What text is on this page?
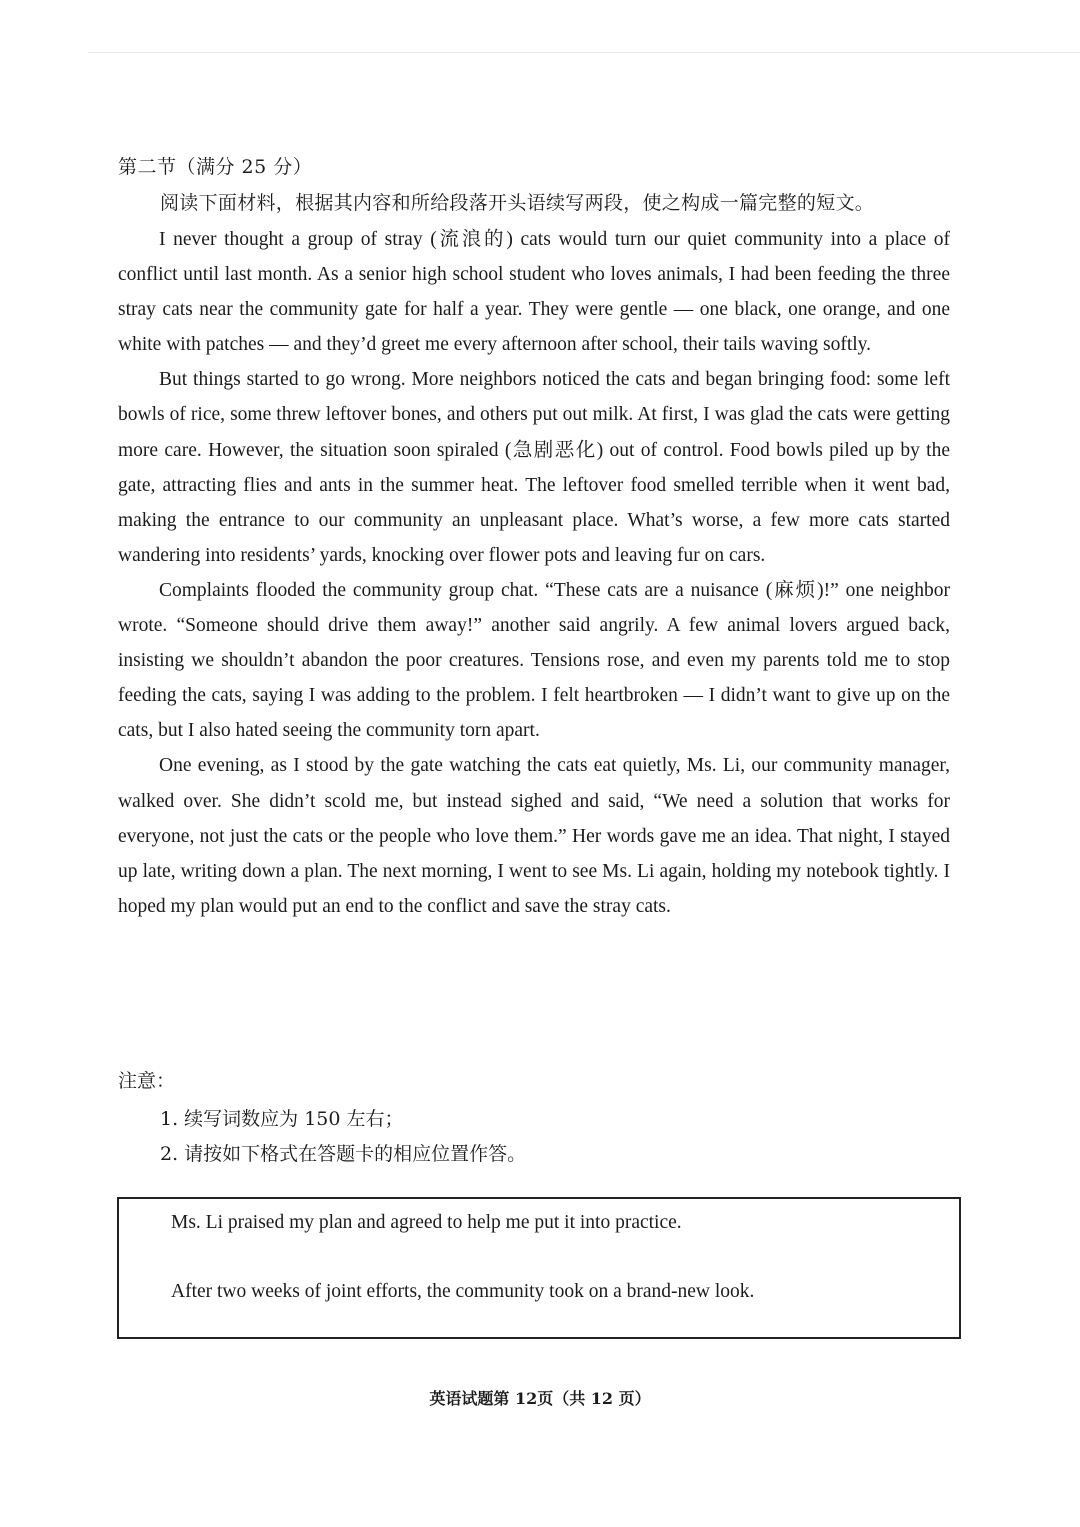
第二节（满分 25 分）
阅读下面材料，根据其内容和所给段落开头语续写两段，使之构成一篇完整的短文。

I never thought a group of stray (流浪的) cats would turn our quiet community into a place of conflict until last month. As a senior high school student who loves animals, I had been feeding the three stray cats near the community gate for half a year. They were gentle — one black, one orange, and one white with patches — and they’d greet me every afternoon after school, their tails waving softly.

But things started to go wrong. More neighbors noticed the cats and began bringing food: some left bowls of rice, some threw leftover bones, and others put out milk. At first, I was glad the cats were getting more care. However, the situation soon spiraled (急剧恶化) out of control. Food bowls piled up by the gate, attracting flies and ants in the summer heat. The leftover food smelled terrible when it went bad, making the entrance to our community an unpleasant place. What’s worse, a few more cats started wandering into residents’ yards, knocking over flower pots and leaving fur on cars.

Complaints flooded the community group chat. “These cats are a nuisance (麻烦)!” one neighbor wrote. “Someone should drive them away!” another said angrily. A few animal lovers argued back, insisting we shouldn’t abandon the poor creatures. Tensions rose, and even my parents told me to stop feeding the cats, saying I was adding to the problem. I felt heartbroken — I didn’t want to give up on the cats, but I also hated seeing the community torn apart.

One evening, as I stood by the gate watching the cats eat quietly, Ms. Li, our community manager, walked over. She didn’t scold me, but instead sighed and said, “We need a solution that works for everyone, not just the cats or the people who love them.” Her words gave me an idea. That night, I stayed up late, writing down a plan. The next morning, I went to see Ms. Li again, holding my notebook tightly. I hoped my plan would put an end to the conflict and save the stray cats.

注意：
1. 续写词数应为 150 左右；
2. 请按如下格式在答题卡的相应位置作答。
Ms. Li praised my plan and agreed to help me put it into practice.
After two weeks of joint efforts, the community took on a brand-new look.
英语试题第 12页（共 12 页）
